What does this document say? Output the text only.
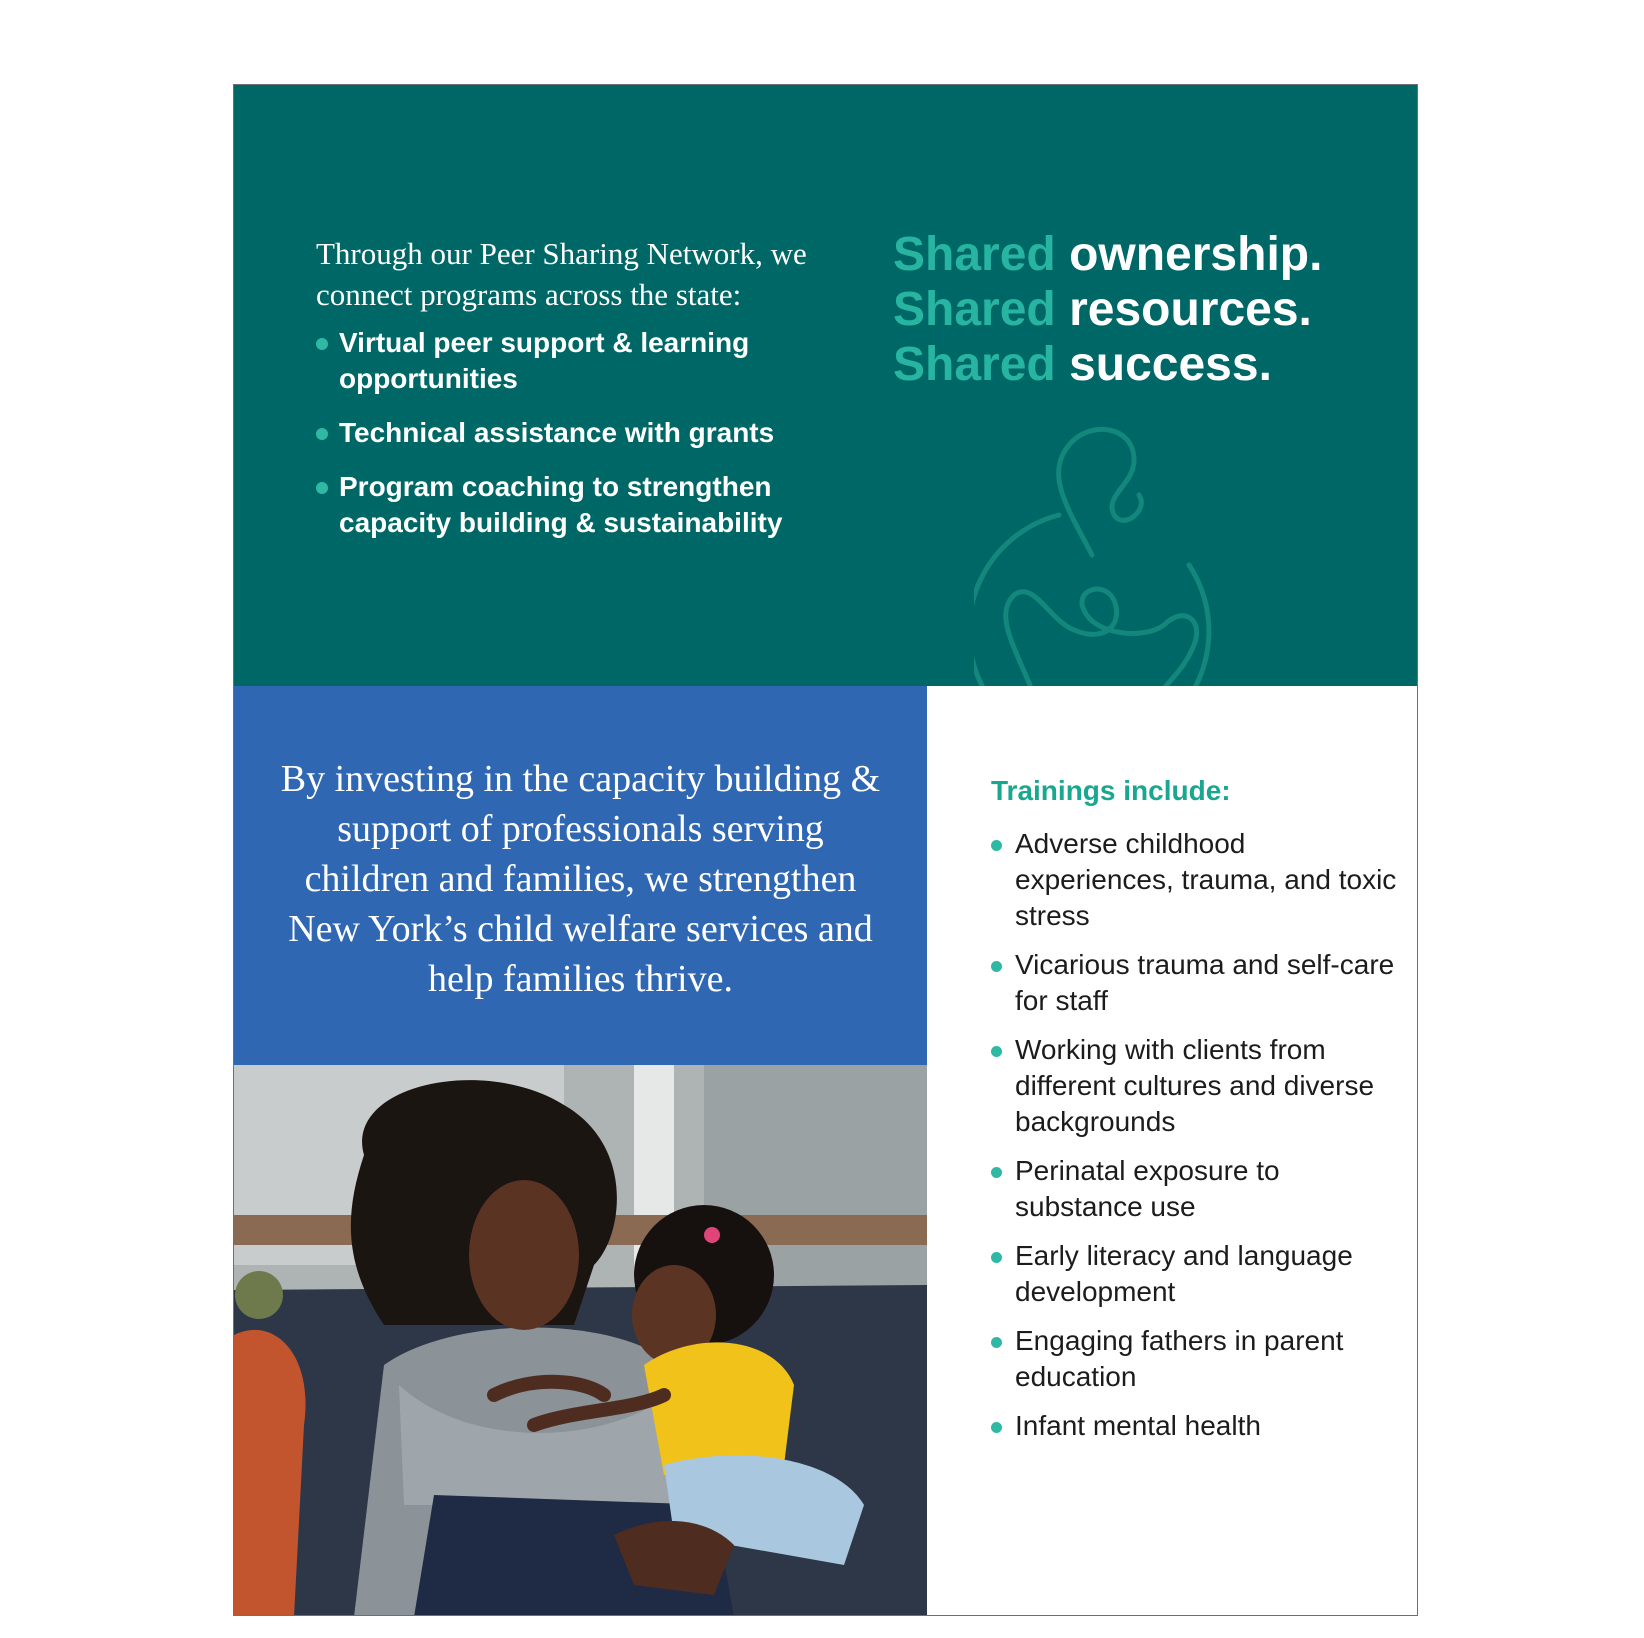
Through our Peer Sharing Network, we connect programs across the state:
Virtual peer support & learning opportunities
Technical assistance with grants
Program coaching to strengthen capacity building & sustainability
Shared ownership.
Shared resources.
Shared success.
By investing in the capacity building & support of professionals serving children and families, we strengthen New York’s child welfare services and help families thrive.
Trainings include:
Adverse childhood experiences, trauma, and toxic stress
Vicarious trauma and self-care for staff
Working with clients from different cultures and diverse backgrounds
Perinatal exposure to substance use
Early literacy and language development
Engaging fathers in parent education
Infant mental health
